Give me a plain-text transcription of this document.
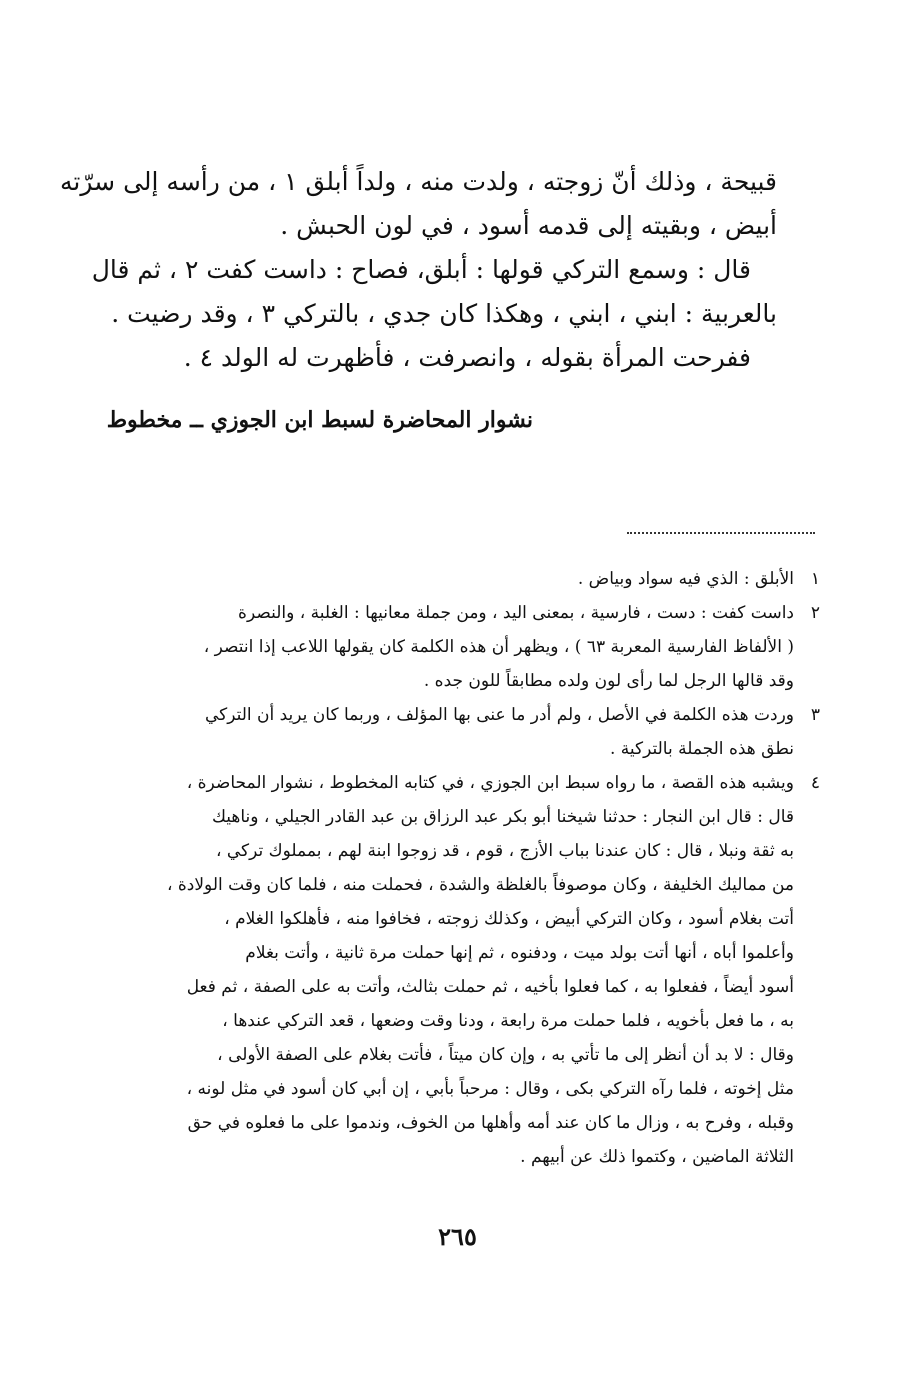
قبيحة ، وذلك أنّ زوجته ، ولدت منه ، ولداً أبلق ١ ، من رأسه إلى سرّته
أبيض ، وبقيته إلى قدمه أسود ، في لون الحبش .
قال : وسمع التركي قولها : أبلق، فصاح : داست كفت ٢ ، ثم قال
بالعربية : ابني ، ابني ، وهكذا كان جدي ، بالتركي ٣ ، وقد رضيت .
ففرحت المرأة بقوله ، وانصرفت ، فأظهرت له الولد ٤ .
نشوار المحاضرة لسبط ابن الجوزي ــ مخطوط
١
الأبلق : الذي فيه سواد وبياض .
٢
داست كفت : دست ، فارسية ، بمعنى اليد ، ومن جملة معانيها : الغلبة ، والنصرة
( الألفاظ الفارسية المعربة ٦٣ ) ، ويظهر أن هذه الكلمة كان يقولها اللاعب إذا انتصر ،
وقد قالها الرجل لما رأى لون ولده مطابقاً للون جده .
٣
وردت هذه الكلمة في الأصل ، ولم أدر ما عنى بها المؤلف ، وربما كان يريد أن التركي
نطق هذه الجملة بالتركية .
٤
ويشبه هذه القصة ، ما رواه سبط ابن الجوزي ، في كتابه المخطوط ، نشوار المحاضرة ،
قال : قال ابن النجار : حدثنا شيخنا أبو بكر عبد الرزاق بن عبد القادر الجيلي ، وناهيك
به ثقة ونبلا ، قال : كان عندنا بباب الأزج ، قوم ، قد زوجوا ابنة لهم ، بمملوك تركي ،
من مماليك الخليفة ، وكان موصوفاً بالغلظة والشدة ، فحملت منه ، فلما كان وقت الولادة ،
أتت بغلام أسود ، وكان التركي أبيض ، وكذلك زوجته ، فخافوا منه ، فأهلكوا الغلام ،
وأعلموا أباه ، أنها أتت بولد ميت ، ودفنوه ، ثم إنها حملت مرة ثانية ، وأتت بغلام
أسود أيضاً ، ففعلوا به ، كما فعلوا بأخيه ، ثم حملت بثالث، وأتت به على الصفة ، ثم فعل
به ، ما فعل بأخويه ، فلما حملت مرة رابعة ، ودنا وقت وضعها ، قعد التركي عندها ،
وقال : لا بد أن أنظر إلى ما تأتي به ، وإن كان ميتاً ، فأتت بغلام على الصفة الأولى ،
مثل إخوته ، فلما رآه التركي بكى ، وقال : مرحباً بأبي ، إن أبي كان أسود في مثل لونه ،
وقبله ، وفرح به ، وزال ما كان عند أمه وأهلها من الخوف، وندموا على ما فعلوه في حق
الثلاثة الماضين ، وكتموا ذلك عن أبيهم .
٢٦٥
